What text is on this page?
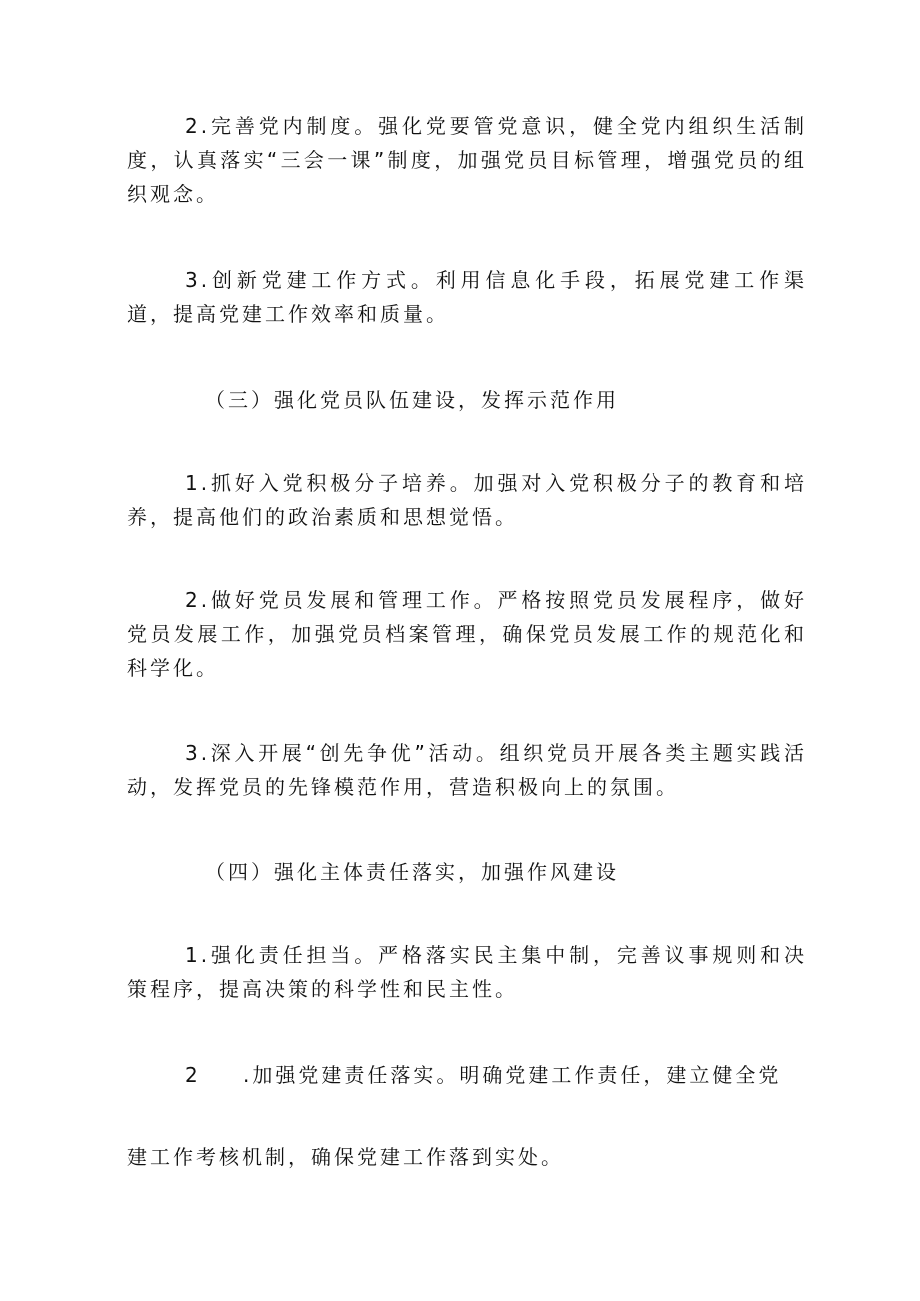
2.完善党内制度。强化党要管党意识，健全党内组织生活制度，认真落实“三会一课”制度，加强党员目标管理，增强党员的组织观念。

3.创新党建工作方式。利用信息化手段，拓展党建工作渠道，提高党建工作效率和质量。

（三）强化党员队伍建设，发挥示范作用

1.抓好入党积极分子培养。加强对入党积极分子的教育和培养，提高他们的政治素质和思想觉悟。

2.做好党员发展和管理工作。严格按照党员发展程序，做好党员发展工作，加强党员档案管理，确保党员发展工作的规范化和科学化。

3.深入开展“创先争优”活动。组织党员开展各类主题实践活动，发挥党员的先锋模范作用，营造积极向上的氛围。

（四）强化主体责任落实，加强作风建设

1.强化责任担当。严格落实民主集中制，完善议事规则和决策程序，提高决策的科学性和民主性。

2 .加强党建责任落实。明确党建工作责任，建立健全党

建工作考核机制，确保党建工作落到实处。
